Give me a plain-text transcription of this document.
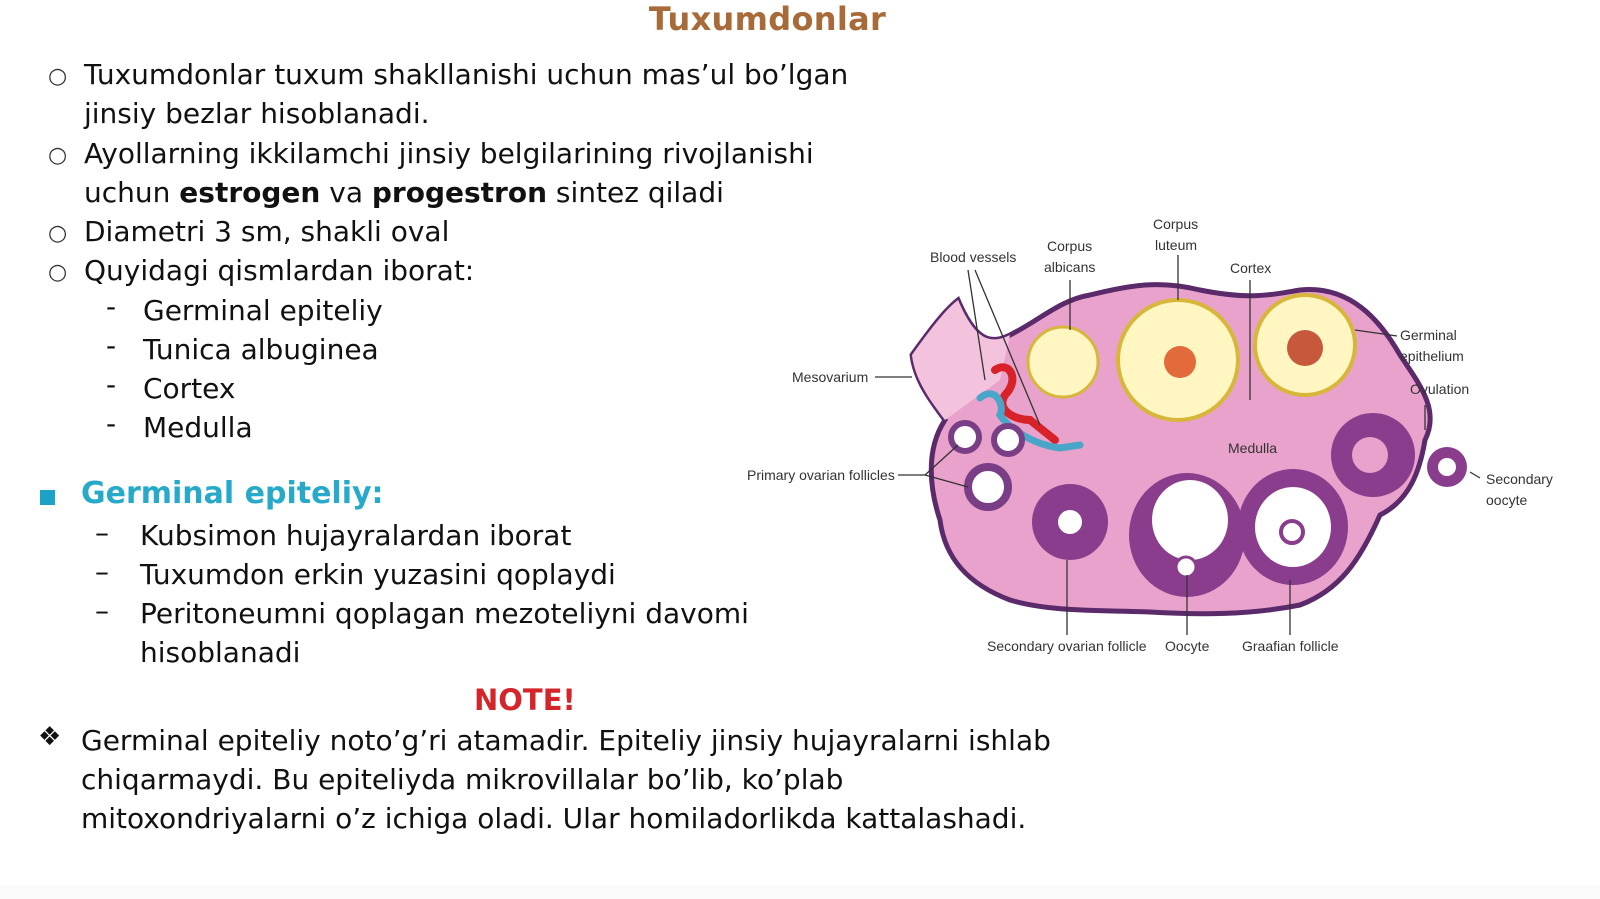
Tuxumdonlar
○ Tuxumdonlar tuxum shakllanishi uchun mas’ul bo’lgan
jinsiy bezlar hisoblanadi.
○ Ayollarning ikkilamchi jinsiy belgilarining rivojlanishi
uchun estrogen va progestron sintez qiladi
○ Diametri 3 sm, shakli oval
○ Quyidagi qismlardan iborat:
- Germinal epiteliy
- Tunica albuginea
- Cortex
- Medulla
Germinal epiteliy:
– Kubsimon hujayralardan iborat
– Tuxumdon erkin yuzasini qoplaydi
– Peritoneumni qoplagan mezoteliyni davomi
hisoblanadi
NOTE!
❖ Germinal epiteliy noto’g’ri atamadir. Epiteliy jinsiy hujayralarni ishlab
chiqarmaydi. Bu epiteliyda mikrovillalar bo’lib, ko’plab
mitoxondriyalarni o’z ichiga oladi. Ular homiladorlikda kattalashadi.
Blood vessels
Corpus
albicans
Corpus
luteum
Cortex
Germinal
epithelium
Ovulation
Mesovarium
Medulla
Primary ovarian follicles	Secondary
oocyte
Secondary ovarian follicle Oocyte Graafian follicle
